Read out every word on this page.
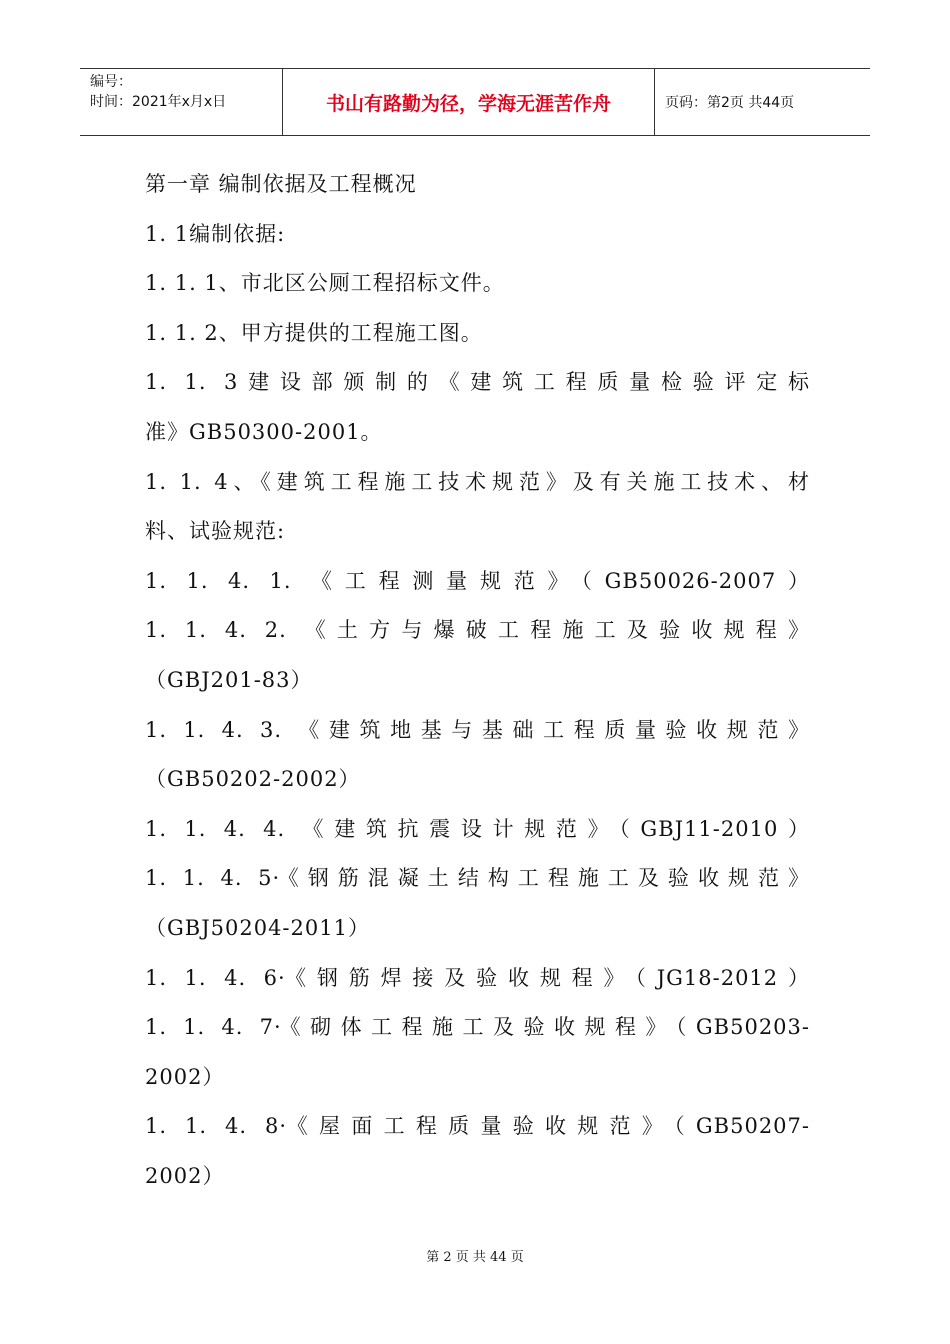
编号：
时间：2021年x月x日	书山有路勤为径，学海无涯苦作舟	页码：第2页 共44页
第一章 编制依据及工程概况
1. 1编制依据:
1. 1. 1、市北区公厕工程招标文件。
1. 1. 2、甲方提供的工程施工图。
1. 1. 3建设部颁制的《建筑工程质量检验评定标
准》GB50300-2001。
1. 1. 4、《建筑工程施工技术规范》及有关施工技术、材
料、试验规范:
1. 1. 4. 1. 《工程测量规范》（GB50026-2007）
1. 1. 4. 2. 《土方与爆破工程施工及验收规程》
（GBJ201-83）
1. 1. 4. 3. 《建筑地基与基础工程质量验收规范》
（GB50202-2002）
1. 1. 4. 4. 《建筑抗震设计规范》（GBJ11-2010）
1. 1. 4. 5·《钢筋混凝土结构工程施工及验收规范》
（GBJ50204-2011）
1. 1. 4. 6·《钢筋焊接及验收规程》（JG18-2012）
1. 1. 4. 7·《砌体工程施工及验收规程》（GB50203-
2002）
1. 1. 4. 8·《屋面工程质量验收规范》（GB50207-
2002）
第 2 页 共 44 页
